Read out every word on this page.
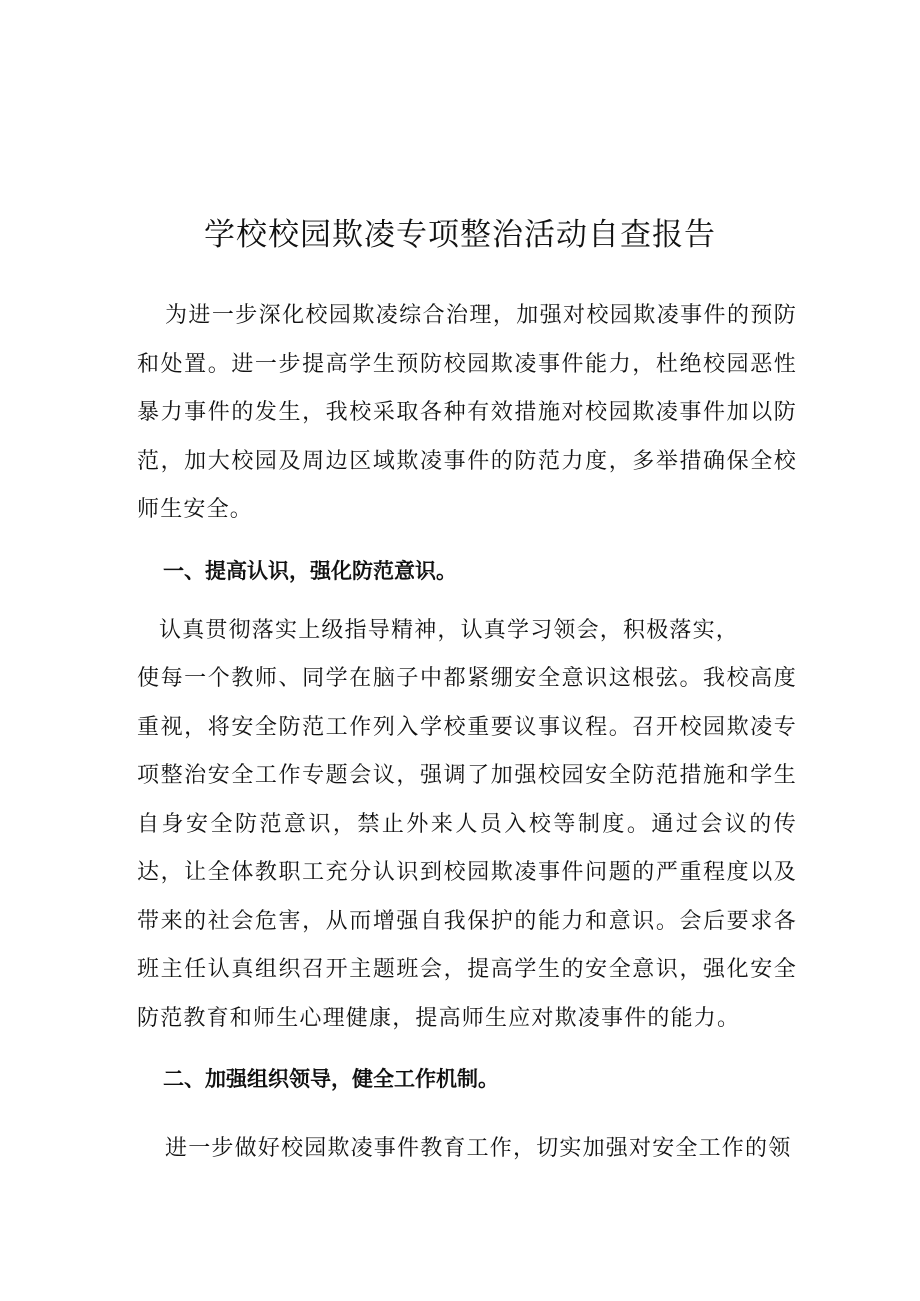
学校校园欺凌专项整治活动自查报告

为进一步深化校园欺凌综合治理，加强对校园欺凌事件的预防和处置。进一步提高学生预防校园欺凌事件能力，杜绝校园恶性暴力事件的发生，我校采取各种有效措施对校园欺凌事件加以防范，加大校园及周边区域欺凌事件的防范力度，多举措确保全校师生安全。

一、提高认识，强化防范意识。

认真贯彻落实上级指导精神，认真学习领会，积极落实，
使每一个教师、同学在脑子中都紧绷安全意识这根弦。我校高度重视，将安全防范工作列入学校重要议事议程。召开校园欺凌专项整治安全工作专题会议，强调了加强校园安全防范措施和学生自身安全防范意识，禁止外来人员入校等制度。通过会议的传达，让全体教职工充分认识到校园欺凌事件问题的严重程度以及带来的社会危害，从而增强自我保护的能力和意识。会后要求各班主任认真组织召开主题班会，提高学生的安全意识，强化安全防范教育和师生心理健康，提高师生应对欺凌事件的能力。

二、加强组织领导，健全工作机制。

进一步做好校园欺凌事件教育工作，切实加强对安全工作的领
